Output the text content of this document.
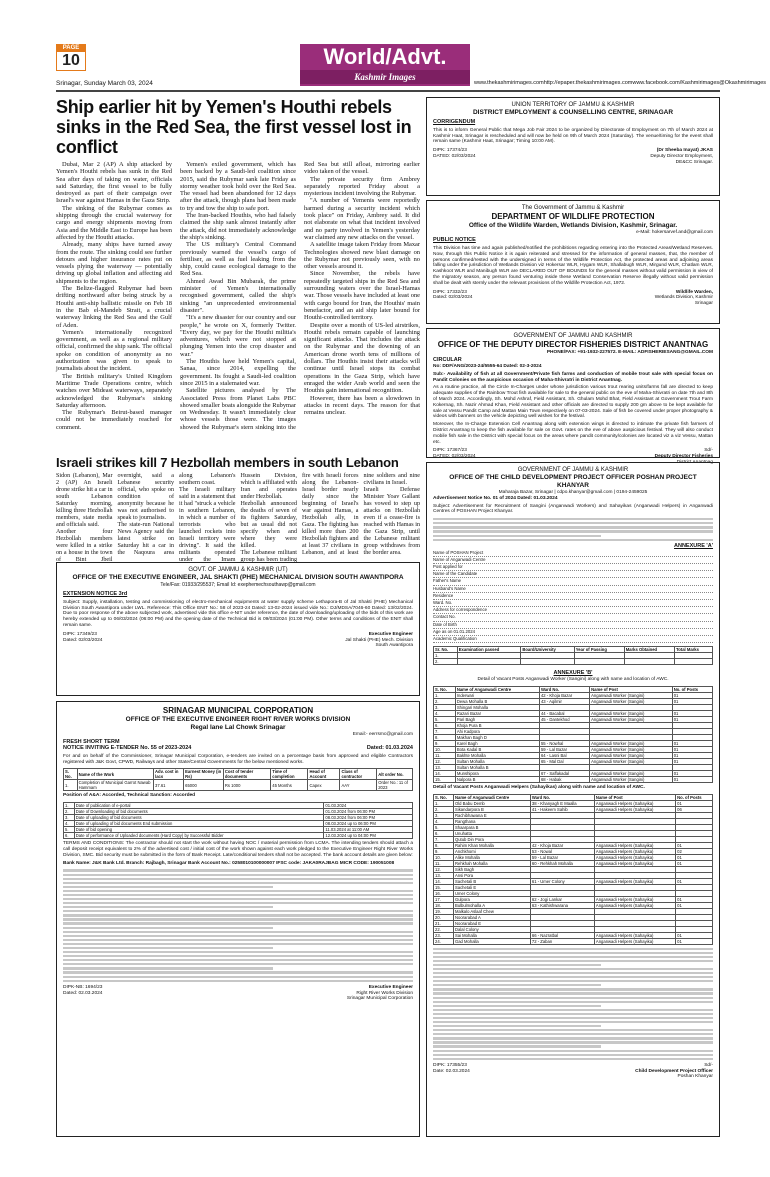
PAGE
10
Srinagar, Sunday March 03, 2024
World/Advt.
Kashmir Images
www.thekashmirimages.com http://epaper.thekashmirimages.com www.facebook.com/Kashmirimages @Okashmirimages
Ship earlier hit by Yemen's Houthi rebels sinks in the Red Sea, the first vessel lost in conflict

Dubai, Mar 2 (AP) A ship attacked by Yemen's Houthi rebels has sunk in the Red Sea after days of taking on water, officials said Saturday, the first vessel to be fully destroyed as part of their campaign over Israel's war against Hamas in the Gaza Strip.

The sinking of the Rubymar comes as shipping through the crucial waterway for cargo and energy shipments moving from Asia and the Middle East to Europe has been affected by the Houthi attacks.

Already, many ships have turned away from the route. The sinking could see further detours and higher insurance rates put on vessels plying the waterway — potentially driving up global inflation and affecting aid shipments to the region.

The Belize-flagged Rubymar had been drifting northward after being struck by a Houthi anti-ship ballistic missile on Feb 18 in the Bab el-Mandeb Strait, a crucial waterway linking the Red Sea and the Gulf of Aden.

Yemen's internationally recognized government, as well as a regional military official, confirmed the ship sank. The official spoke on condition of anonymity as no authorization was given to speak to journalists about the incident.

The British military's United Kingdom Maritime Trade Operations centre, which watches over Mideast waterways, separately acknowledged the Rubymar's sinking Saturday afternoon.

The Rubymar's Beirut-based manager could not be immediately reached for comment.

Yemen's exiled government, which has been backed by a Saudi-led coalition since 2015, said the Rubymar sank late Friday as stormy weather took hold over the Red Sea. The vessel had been abandoned for 12 days after the attack, though plans had been made to try and tow the ship to safe port.

The Iran-backed Houthis, who had falsely claimed the ship sank almost instantly after the attack, did not immediately acknowledge the ship's sinking.

The US military's Central Command previously warned the vessel's cargo of fertiliser, as well as fuel leaking from the ship, could cause ecological damage to the Red Sea.

Ahmed Awad Bin Mubarak, the prime minister of Yemen's internationally recognised government, called the ship's sinking "an unprecedented environmental disaster".

"It's a new disaster for our country and our people," he wrote on X, formerly Twitter. "Every day, we pay for the Houthi militia's adventures, which were not stopped at plunging Yemen into the crop disaster and war."

The Houthis have held Yemen's capital, Sanaa, since 2014, expelling the government. Its fought a Saudi-led coalition since 2015 in a stalemated war.

Satellite pictures analysed by The Associated Press from Planet Labs PBC showed smaller boats alongside the Rubymar on Wednesday. It wasn't immediately clear whose vessels those were. The images showed the Rubymar's stern sinking into the Red Sea but still afloat, mirroring earlier video taken of the vessel.

The private security firm Ambrey separately reported Friday about a mysterious incident involving the Rubymar.

"A number of Yemenis were reportedly harmed during a security incident which took place" on Friday, Ambrey said. It did not elaborate on what that incident involved and no party involved in Yemen's yesterday war claimed any new attacks on the vessel.

A satellite image taken Friday from Maxar Technologies showed new blast damage on the Rubymar not previously seen, with no other vessels around it.

Since November, the rebels have repeatedly targeted ships in the Red Sea and surrounding waters over the Israel-Hamas war. Those vessels have included at least one with cargo bound for Iran, the Houthis' main benefactor, and an aid ship later bound for Houthi-controlled territory.

Despite over a month of US-led airstrikes, Houthi rebels remain capable of launching significant attacks. That includes the attack on the Rubymar and the downing of an American drone worth tens of millions of dollars. The Houthis insist their attacks will continue until Israel stops its combat operations in the Gaza Strip, which have enraged the wider Arab world and seen the Houthis gain international recognition.

However, there has been a slowdown in attacks in recent days. The reason for that remains unclear.

Israeli strikes kill 7 Hezbollah members in south Lebanon

Sidon (Lebanon), Mar 2 (AP) An Israeli drone strike hit a car in south Lebanon Saturday morning, killing three Hezbollah members, state media and officials said.

Another four Hezbollah members were killed in a strike on a house in the town of Bint Jbeil overnight, said a Lebanese security official, who spoke on condition of anonymity because he was not authorised to speak to journalists.

The state-run National News Agency said the latest strike on Saturday hit a car in the Naqoura area along Lebanon's southern coast.

The Israeli military said in a statement that it had "struck a vehicle in southern Lebanon, in which a number of terrorists who launched rockets into Israeli territory were driving". It said the militants operated under the Imam Hussein Division, which is affiliated with Iran and operates under Hezbollah.

Hezbollah announced the deaths of seven of its fighters Saturday, but as usual did not specify when and where they were killed.

The Lebanese militant group has been trading fire with Israeli forces along the Lebanon-Israel border nearly daily since the beginning of Israel's war against Hamas, a Hezbollah ally, in Gaza. The fighting has killed more than 200 Hezbollah fighters and at least 37 civilians in Lebanon, and at least nine soldiers and nine civilians in Israel.

Israeli Defense Minister Yoav Gallant has vowed to step up attacks on Hezbollah even if a cease-fire is reached with Hamas in the Gaza Strip, until the Lebanese militant group withdraws from the border area.

GOVT. OF JAMMU & KASHMIR (UT)
OFFICE OF THE EXECUTIVE ENGINEER, JAL SHAKTI (PHE) MECHANICAL DIVISION SOUTH AWANTIPORA
Tele/Fax: 01933/295537; Email Id: exephemechsouthawp@gmail.com
EXTENSION NOTICE 3rd

Subject: Supply, installation, testing and commissioning of electro-mechanical equipments at water supply scheme Lethapora-B of Jal Shakti (PHE) Mechanical Division South Awantipora under LWL. Reference: This Office ENIT No.: 58 of 2023-24 Dated: 13-02-2024 issued vide No.: DJ/MDSA/7046-60 Dated: 13/02/2024. Due to poor response of the above subjected work, advertised vide this office e-NIT under reference, the date of downloading/uploading of the bids of this work are hereby extended up to 06/03/2024 (06:00 PM) and the opening date of the Technical Bid is 09/03/2024 (01:00 PM). Other terms and conditions of the ENIT shall remain same.

DIPK: 17349/23
Dated: 02/03/2024
Executive Engineer
Jal Shakti (PHE) Mech. Division
South Awantipora
SRINAGAR MUNICIPAL CORPORATION
OFFICE OF THE EXECUTIVE ENGINEER RIGHT RIVER WORKS DIVISION
Regal lane Lal Chowk Srinagar
Email:- eerrsmc@gmail.com
FRESH SHORT TERM
NOTICE INVITING E-TENDER No. 55 of 2023-2024	Dated: 01.03.2024

For and on behalf of the Commissioner, Srinagar Municipal Corporation, e-tenders are invited on a percentage basis from approved and eligible Contractors registered with J&K Govt, CPWD, Railways and other State/Central Governments for the below mentioned works.

S. No.	Name of the Work	Adv. cost in lacs	Earnest Money (in Rs)	Cost of tender documents	Time of completion	Head of Account	Class of contractor	Alt order No.
1.	Completion of Municipal Garrot Nawab Hammam	37.61	65000	Rs 1000	45 Months	Capex	AAY	Order No.: 11 of 2023

Position of A&A: Accorded, Technical Sanction: Accorded

1.	Date of publication of e-portal	01.03.2024
2.	Date of Downloading of bid documents	01.03.2024 from 06:00 PM
3.	Date of uploading of bid documents	08.03.2024 from 06:00 PM
4.	Date of uploading of bid documents End submission	08.03.2024 up to 06:00 PM
5.	Date of bid opening	11.03.2024 at 11:00 AM
6.	Date of performance of Uploaded documents (Hard Copy) by Successful Bidder	12.03.2024 up to 04:00 PM

TERMS AND CONDITIONS: The contractor should not start the work without having NOC / material permission from LCMA. The intending tenders should attach a call deposit receipt equivalent to 2% of the advertised cost / initial cost of the work shown against each work pledged to the Executive Engineer Right River Works Division, SMC. Bid security must be submitted in the form of Bank Receipt. Late/conditional tenders shall not be accepted. The bank account details are given below:

Bank Name: J&K Bank Ltd. Branch: Rajbagh, Srinagar Bank Account No.: 0258010100000007 IFSC code: JAKA0RAJBAG MICR CODE: 190051008

DIPK-NB: 1694/23
Dated: 02.03.2024
Executive Engineer
Right River Works Division
Srinagar Municipal Corporation
UNION TERRITORY OF JAMMU & KASHMIR
DISTRICT EMPLOYMENT & COUNSELLING CENTRE, SRINAGAR
CORRIGENDUM

This is to inform General Public that Mega Job Fair 2024 to be organized by Directorate of Employment on 7th of March 2024 at Kashmir Haat, Srinagar is rescheduled and will now be held on 9th of March 2024 (Saturday). The venue/timing for the event shall remain same (Kashmir Haat, Srinagar; Timing 10:00 AM).

DIPK: 17374/23
DATED: 02/03/2024
(Dr Sheeba Inayat) JKAS
Deputy Director Employment,
DE&CC Srinagar.
The Government of Jammu & Kashmir
DEPARTMENT OF WILDLIFE PROTECTION
Office of the Wildlife Warden, Wetlands Division, Kashmir, Srinagar.
e-Mail: hokersarvef.and@gmail.com
PUBLIC NOTICE

This Division has time and again published/notified the prohibitions regarding entering into the Protected Areas/Wetland Reserves. Now, through this Public Notice it is again reiterated and stressed for the information of general masses, that, the member of persons confirmed/rested with the undersigned in terms of the Wildlife Protection Act, the protected areas and adjoining areas falling under the jurisdiction of Wetlands Division viz Hokersar WLR, Hygam WLR, Shallabugh WLR, Mirgund WLR, Chatlam WLR, Kashkoot WLR and Manibugh WLR are DECLARED OUT OF BOUNDS for the general masses without valid permission in view of the migratory season, any person found venturing inside these Wetland Conservation Reserve illegally without valid permission shall be dealt with sternly under the relevant provisions of the Wildlife Protection Act, 1972.

DIPK: 17332/23
Dated: 02/03/2024
Wildlife Warden,
Wetlands Division, Kashmir
Srinagar
GOVERNMENT OF JAMMU AND KASHMIR
OFFICE OF THE DEPUTY DIRECTOR FISHERIES DISTRICT ANANTNAG
PHONE/FAX: +91-1932-227572. E-MAIL: ADFISHERIESANG@GMAIL.COM
CIRCULAR
No: DDF/ANG/2023-24/5555-64 Dated: 02-3-2024

Sub:- Availability of fish at all Government/Private fish farms and conduction of mobile trout sale with special focus on Pandit Colonies on the auspicious occasion of Maha-Shivratri in District Anantnag.

As a routine practice, all the Circle In-Charges under whose jurisdiction various trout rearing units/farms fall are directed to keep adequate supplies of the Rainbow Trout fish available for sale to the general public on the eve of Maha-Shivratri on date 7th and 8th of March 2024. Accordingly, Sh. Mohd Ashraf, Field Assistant, Sh. Ghulam Mohd Bhat, Field Assistant at Government Trout Farm Kokernag, Sh. Nazir Ahmad Khan, Field Assistant and other officials are directed to supply 200 gm above to be kept available for sale at Vessu Pandit Camp and Mattan Main Town respectively on 07-03-2024. Sale of fish be covered under proper photography & videos with banners on the vehicle depicting well wishes for the festival.

Moreover, the In-Charge Extension Cell Anantnag along with extension wings is directed to intimate the private fish farmers of District Anantnag to keep the fish available for sale on Govt. rates on the eve of above auspicious festival. They will also conduct mobile fish sale in the District with special focus on the areas where pandit community/colonies are located viz a viz Vessu, Mattan etc.

DIPK: 17367/23
DATED: 02/03/2024
Sd/-
Deputy Director Fisheries
District Anantnag
GOVERNMENT OF JAMMU & KASHMIR
OFFICE OF THE CHILD DEVELOPMENT PROJECT OFFICER POSHAN PROJECT KHANYAR
Maharaja Bazar, Srinagar | cdpo.khanyar@gmail.com | 0194-2459025
Advertisement Notice No. 01 of 2024 Dated: 01.03.2024

Subject: Advertisement for Recruitment of Sangini (Anganwadi Workers) and Sahayikas (Anganwadi Helpers) in Anganwadi Centres of POSHAN Project Khanyar.

ANNEXURE 'A'
Name of POSHAN Project
Name of Anganwadi Centre
Post applied for
Name of the Candidate
Father's Name
Husband's Name
Residence
Ward. No.
Address for correspondence
Contact No.
Date of Birth
Age as on 01.01.2024
Academic Qualification
Sr. No.	Examination passed	Board/University	Year of Passing	Marks Obtained	Total Marks
1.					
2.					
ANNEXURE 'B'
Detail of Vacant Posts Anganwadi Worker (Sangini) along with name and location of AWC.
S. No.	Name of Anganwadi Centre	Ward No.	Name of Post	No. of Posts
1.	Inderwari	42 - Khoja Bazar	Anganwadi Worker (Sangini)	01
2.	Dewa Mohalla B	43 - Aqilmir	Anganwadi Worker (Sangini)	01
3.	Shingari Mohalla			
4.	Razari Bazar	44 - Bacabal	Anganwadi Worker (Sangini)	01
5.	Pari Bagh	45 - Dantekhod	Anganwadi Worker (Sangini)	01
6.	Khoja Pura B			
7.	Ahi Kadpora			
8.	Makhan Bagh D			
9.	Karel Bagh	55 - Nowhal	Anganwadi Worker (Sangini)	01
10.	Bota Kadal B	59 - Lal Bazar	Anganwadi Worker (Sangini)	01
11.	Bakhte Mohalla	64 - Lasni Bal	Anganwadi Worker (Sangini)	01
12.	Sultan Mohalla	65 - Mal Dal	Anganwadi Worker (Sangini)	01
13.	Sultan Mohalla B			
14.	Munshipora	67 - Saffakadal	Anganwadi Worker (Sangini)	01
15.	Nalpora B	68 - Habak	Anganwadi Worker (Sangini)	01
Detail of Vacant Posts Anganwadi Helpers (Sahayikas) along with name and location of AWC.
S. No.	Name of Anganwadi Centre	Ward No.	Name of Post	No. of Posts
1.	Old Babu Demb	38 - Khanyagh E Maalla	Anganwadi Helpers (Sahayika)	01
2.	Sikandarpora B	41 - Hakeem Sahib	Anganwadi Helpers (Sahayika)	06
3.	Rachibhawana E			
4.	Rangthana			
5.	Shaarpara B			
6.	Unuhatta			
7.	Qutub Din Pora			
8.	Rahim Khan Mohalla	42 - Khoja Bazar	Anganwadi Helpers (Sahayika)	01
9.	Anchkhomi	53 - Nowal	Anganwadi Helpers (Sahayika)	02
10.	Alike Mohalla	59 - Lal Bazar	Anganwadi Helpers (Sahayika)	01
11.	Rehkhah Mohalla	60 - Rehkhah Mohalla	Anganwadi Helpers (Sahayika)	01
12.	Sikh Bagh			
13.	Ansi Pora			
14.	Sachetali B	61 - Umer Colony	Anganwadi Helpers (Sahayika)	01
15.	Sachetali E			
16.	Umer Colony			
17.	Gulpora	62 - Jogi Lankar	Anganwadi Helpers (Sahayika)	01
18.	Bulbulmohalla A	63 - Kathishwarana	Anganwadi Helpers (Sahayika)	01
19.	Malkalo Aslaaf Chew			
20.	Noorarabad A			
21.	Noorarabad E			
22.	Dalal Colony			
23.	Sai Mohalla	66 - Nazratbal	Anganwadi Helpers (Sahayika)	01
24.	Gad Mohalla	72 - Zaban	Anganwadi Helpers (Sahayika)	01
DIPK: 17355/23
Date: 02.03.2024
Sd/-
Child Development Project Officer
Poshan Khanyar
